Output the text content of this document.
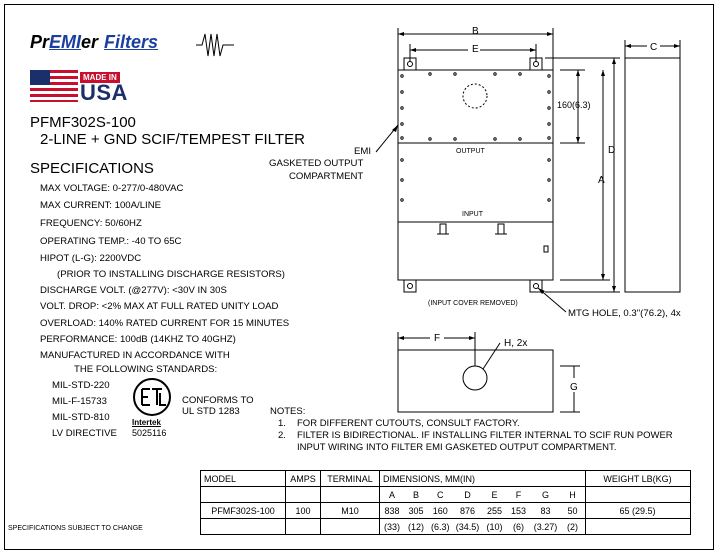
PrEMIer Filters
MADE IN
USA
PFMF302S-100
2-LINE + GND SCIF/TEMPEST FILTER
SPECIFICATIONS
MAX VOLTAGE: 0-277/0-480VAC
MAX CURRENT: 100A/LINE
FREQUENCY: 50/60HZ
OPERATING TEMP.: -40 TO 65C
HIPOT (L-G): 2200VDC
(PRIOR TO INSTALLING DISCHARGE RESISTORS)
DISCHARGE VOLT. (@277V): <30V IN 30S
VOLT. DROP: <2% MAX AT FULL RATED UNITY LOAD
OVERLOAD: 140% RATED CURRENT FOR 15 MINUTES
PERFORMANCE: 100dB (14KHZ TO 40GHZ)
MANUFACTURED IN ACCORDANCE WITH
THE FOLLOWING STANDARDS:
MIL-STD-220
MIL-F-15733
MIL-STD-810
LV DIRECTIVE
Intertek
5025116
CONFORMS TO
UL STD 1283
B
E	C
D
A
160(6.3)
EMI
GASKETED OUTPUT
COMPARTMENT
OUTPUT
INPUT
(INPUT COVER REMOVED)
MTG HOLE, 0.3"(76.2), 4x
F	H, 2x
G
NOTES:
1. FOR DIFFERENT CUTOUTS, CONSULT FACTORY.
2. FILTER IS BIDIRECTIONAL. IF INSTALLING FILTER INTERNAL TO SCIF RUN POWER
INPUT WIRING INTO FILTER EMI GASKETED OUTPUT COMPARTMENT.
MODEL	AMPS	TERMINAL	DIMENSIONS, MM(IN)								WEIGHT LB(KG)
			A	B	C	D	E	F	G	H	
PFMF302S-100	100	M10	838	305	160	876	255	153	83	50	65 (29.5)
			(33)	(12)	(6.3)	(34.5)	(10)	(6)	(3.27)	(2)	
SPECIFICATIONS SUBJECT TO CHANGE
